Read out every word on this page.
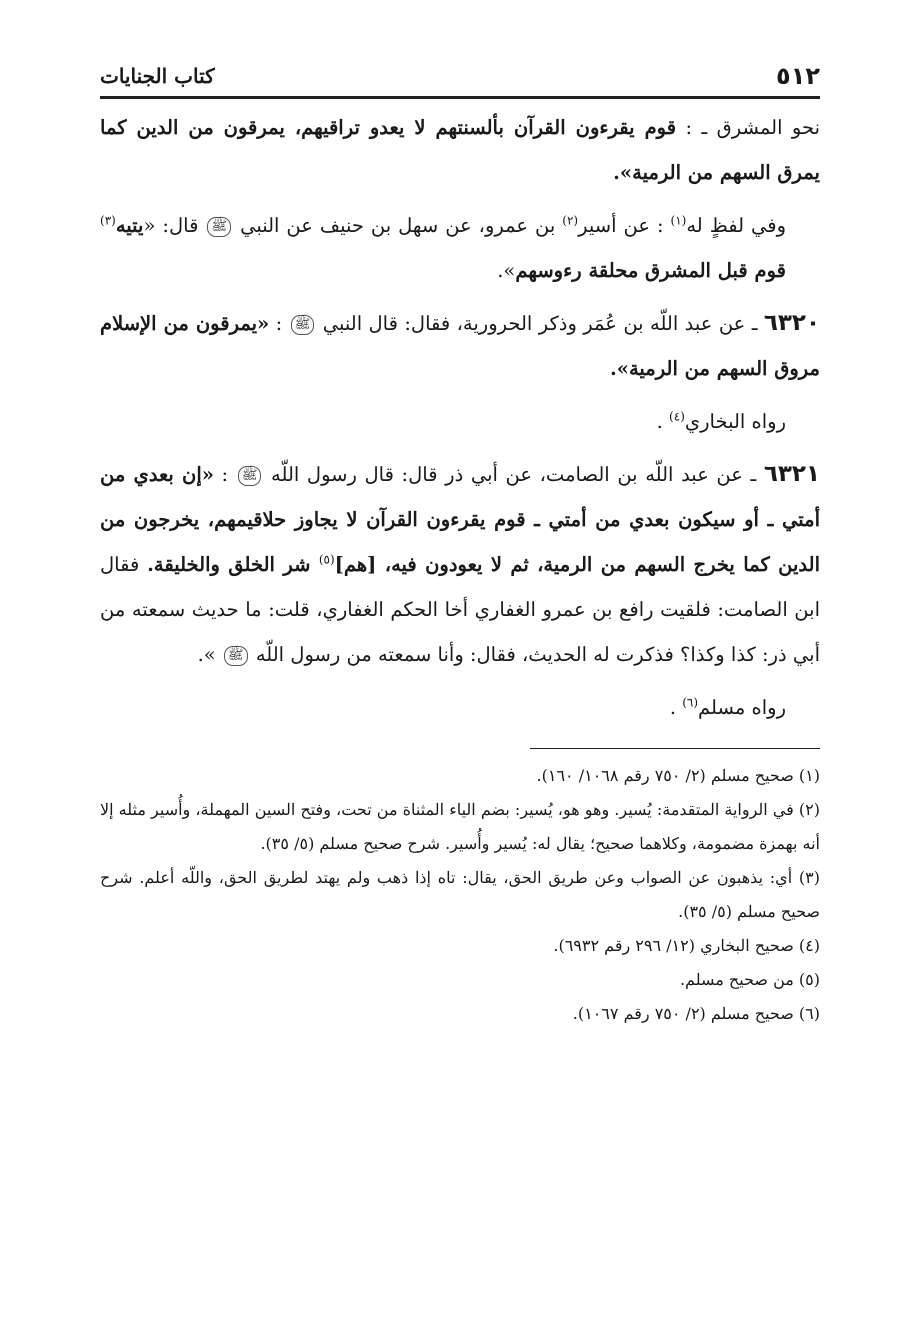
٥١٢
كتاب الجنايات

نحو المشرق ـ : قوم يقرءون القرآن بألسنتهم لا يعدو تراقيهم، يمرقون من الدين كما يمرق السهم من الرمية».

وفي لفظٍ له$^{(١)}$ : عن أسير$^{(٢)}$ بن عمرو، عن سهل بن حنيف عن النبي ﷺ قال: «يتيه$^{(٣)}$ قوم قبل المشرق محلقة رءوسهم».

٦٣٢٠ ـ عن عبد اللّه بن عُمَر وذكر الحرورية، فقال: قال النبي ﷺ : «يمرقون من الإسلام مروق السهم من الرمية».

رواه البخاري$^{(٤)}$ .

٦٣٢١ ـ عن عبد اللّه بن الصامت، عن أبي ذر قال: قال رسول اللّه ﷺ : «إن بعدي من أمتي ـ أو سيكون بعدي من أمتي ـ قوم يقرءون القرآن لا يجاوز حلاقيمهم، يخرجون من الدين كما يخرج السهم من الرمية، ثم لا يعودون فيه، [هم]$^{(٥)}$ شر الخلق والخليقة. فقال ابن الصامت: فلقيت رافع بن عمرو الغفاري أخا الحكم الغفاري، قلت: ما حديث سمعته من أبي ذر: كذا وكذا؟ فذكرت له الحديث، فقال: وأنا سمعته من رسول اللّه ﷺ ».

رواه مسلم$^{(٦)}$ .

(١) صحيح مسلم (٢/ ٧٥٠ رقم ١٠٦٨/ ١٦٠).

(٢) في الرواية المتقدمة: يُسير. وهو هو، يُسير: بضم الياء المثناة من تحت، وفتح السين المهملة، وأُسير مثله إلا أنه بهمزة مضمومة، وكلاهما صحيح؛ يقال له: يُسير وأُسير. شرح صحيح مسلم (٥/ ٣٥).

(٣) أي: يذهبون عن الصواب وعن طريق الحق، يقال: تاه إذا ذهب ولم يهتد لطريق الحق، واللّه أعلم. شرح صحيح مسلم (٥/ ٣٥).

(٤) صحيح البخاري (١٢/ ٢٩٦ رقم ٦٩٣٢).

(٥) من صحيح مسلم.

(٦) صحيح مسلم (٢/ ٧٥٠ رقم ١٠٦٧).
